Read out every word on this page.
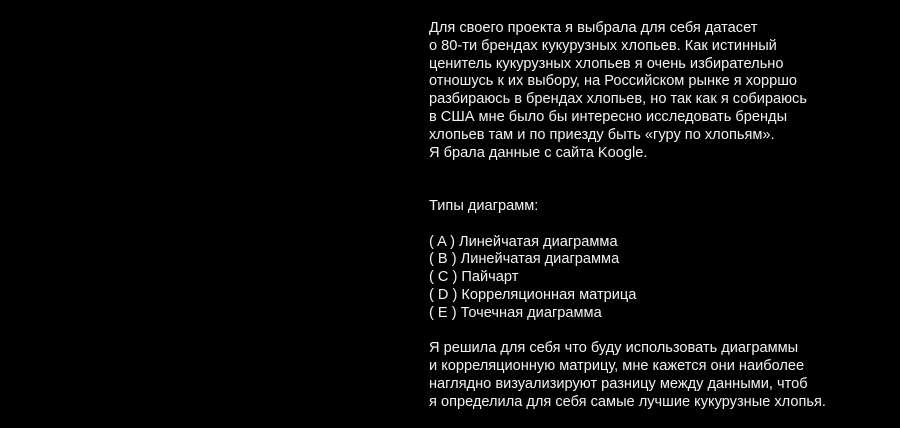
Для своего проекта я выбрала для себя датасет
о 80-ти брендах кукурузных хлопьев. Как истинный
ценитель кукурузных хлопьев я очень избирательно
отношусь к их выбору, на Российском рынке я хорршо
разбираюсь в брендах хлопьев, но так как я собираюсь
в США мне было бы интересно исследовать бренды
хлопьев там и по приезду быть «гуру по хлопьям».
Я брала данные с сайта Koogle.
Типы диаграмм:
( A ) Линейчатая диаграмма
( B ) Линейчатая диаграмма
( C ) Пайчарт
( D ) Корреляционная матрица
( E ) Точечная диаграмма
Я решила для себя что буду использовать диаграммы
и корреляционную матрицу, мне кажется они наиболее
наглядно визуализируют разницу между данными, чтоб
я определила для себя самые лучшие кукурузные хлопья.
